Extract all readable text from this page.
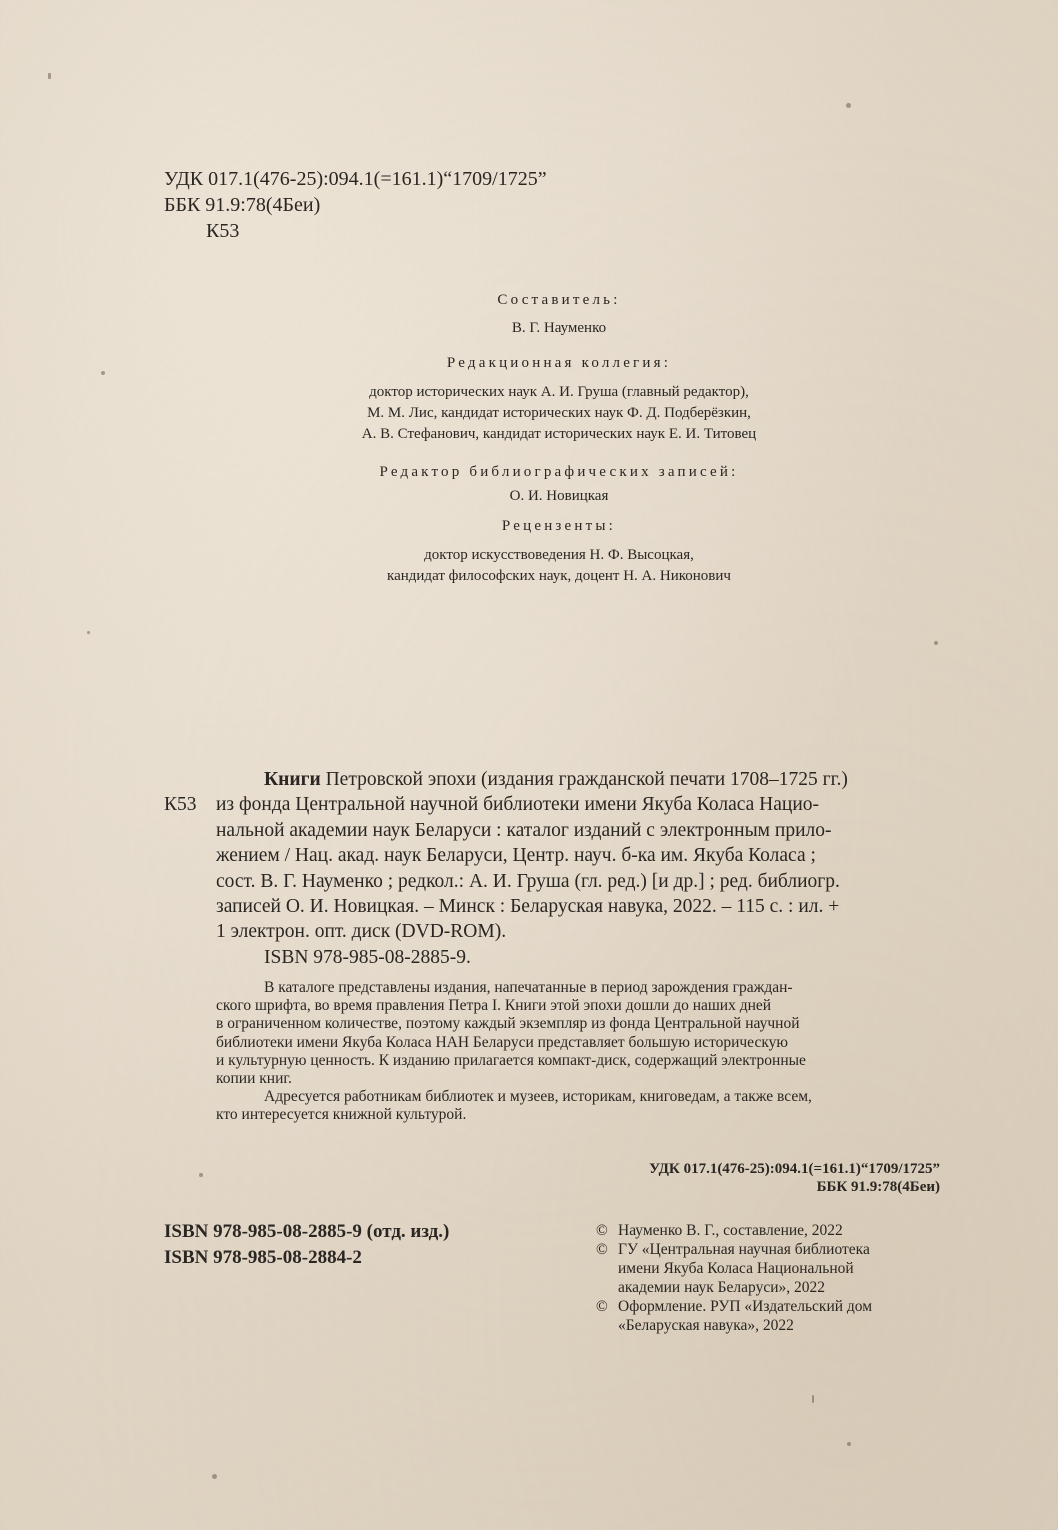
УДК 017.1(476-25):094.1(=161.1)“1709/1725”
ББК 91.9:78(4Беи)
К53
Составитель:
В. Г. Науменко
Редакционная коллегия:
доктор исторических наук А. И. Груша (главный редактор),
М. М. Лис, кандидат исторических наук Ф. Д. Подберёзкин,
А. В. Стефанович, кандидат исторических наук Е. И. Титовец
Редактор библиографических записей:
О. И. Новицкая
Рецензенты:
доктор искусствоведения Н. Ф. Высоцкая,
кандидат философских наук, доцент Н. А. Никонович
Книги Петровской эпохи (издания гражданской печати 1708–1725 гг.)
К53 из фонда Центральной научной библиотеки имени Якуба Коласа Нацио-
нальной академии наук Беларуси : каталог изданий с электронным прило-
жением / Нац. акад. наук Беларуси, Центр. науч. б-ка им. Якуба Коласа ;
сост. В. Г. Науменко ; редкол.: А. И. Груша (гл. ред.) [и др.] ; ред. библиогр.
записей О. И. Новицкая. – Минск : Беларуская навука, 2022. – 115 с. : ил. +
1 электрон. опт. диск (DVD-ROM).
ISBN 978-985-08-2885-9.
В каталоге представлены издания, напечатанные в период зарождения граждан-
ского шрифта, во время правления Петра I. Книги этой эпохи дошли до наших дней
в ограниченном количестве, поэтому каждый экземпляр из фонда Центральной научной
библиотеки имени Якуба Коласа НАН Беларуси представляет большую историческую
и культурную ценность. К изданию прилагается компакт-диск, содержащий электронные
копии книг.
Адресуется работникам библиотек и музеев, историкам, книговедам, а также всем,
кто интересуется книжной культурой.
УДК 017.1(476-25):094.1(=161.1)“1709/1725”
ББК 91.9:78(4Беи)
ISBN 978-985-08-2885-9 (отд. изд.)
ISBN 978-985-08-2884-2
© Науменко В. Г., составление, 2022
© ГУ «Центральная научная библиотека
имени Якуба Коласа Национальной
академии наук Беларуси», 2022
© Оформление. РУП «Издательский дом
«Беларуская навука», 2022
